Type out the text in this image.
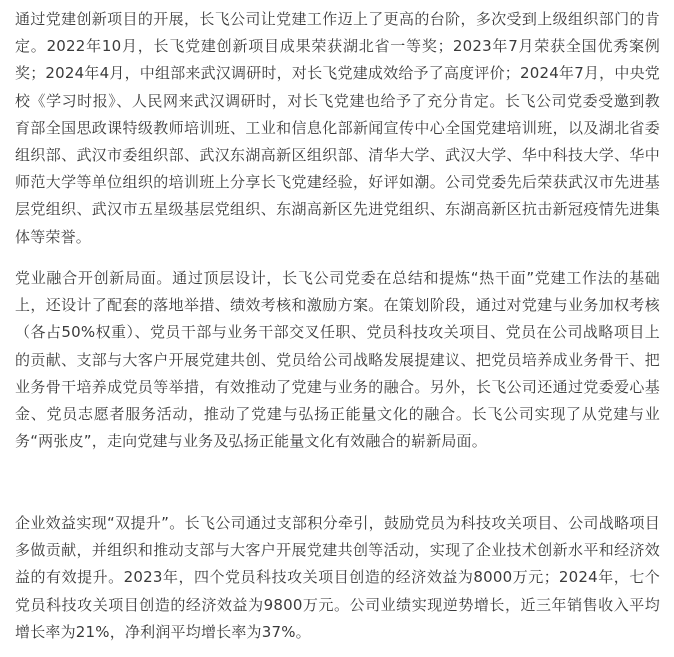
通过党建创新项目的开展，长飞公司让党建工作迈上了更高的台阶，多次受到上级组织部门的肯定。2022年10月，长飞党建创新项目成果荣获湖北省一等奖；2023年7月荣获全国优秀案例奖；2024年4月，中组部来武汉调研时，对长飞党建成效给予了高度评价；2024年7月，中央党校《学习时报》、人民网来武汉调研时，对长飞党建也给予了充分肯定。长飞公司党委受邀到教育部全国思政课特级教师培训班、工业和信息化部新闻宣传中心全国党建培训班，以及湖北省委组织部、武汉市委组织部、武汉东湖高新区组织部、清华大学、武汉大学、华中科技大学、华中师范大学等单位组织的培训班上分享长飞党建经验，好评如潮。公司党委先后荣获武汉市先进基层党组织、武汉市五星级基层党组织、东湖高新区先进党组织、东湖高新区抗击新冠疫情先进集体等荣誉。

党业融合开创新局面。通过顶层设计，长飞公司党委在总结和提炼“热干面”党建工作法的基础上，还设计了配套的落地举措、绩效考核和激励方案。在策划阶段，通过对党建与业务加权考核（各占50%权重）、党员干部与业务干部交叉任职、党员科技攻关项目、党员在公司战略项目上的贡献、支部与大客户开展党建共创、党员给公司战略发展提建议、把党员培养成业务骨干、把业务骨干培养成党员等举措，有效推动了党建与业务的融合。另外，长飞公司还通过党委爱心基金、党员志愿者服务活动，推动了党建与弘扬正能量文化的融合。长飞公司实现了从党建与业务“两张皮”，走向党建与业务及弘扬正能量文化有效融合的崭新局面。

企业效益实现“双提升”。长飞公司通过支部积分牵引，鼓励党员为科技攻关项目、公司战略项目多做贡献，并组织和推动支部与大客户开展党建共创等活动，实现了企业技术创新水平和经济效益的有效提升。2023年，四个党员科技攻关项目创造的经济效益为8000万元；2024年，七个党员科技攻关项目创造的经济效益为9800万元。公司业绩实现逆势增长，近三年销售收入平均增长率为21%，净利润平均增长率为37%。
